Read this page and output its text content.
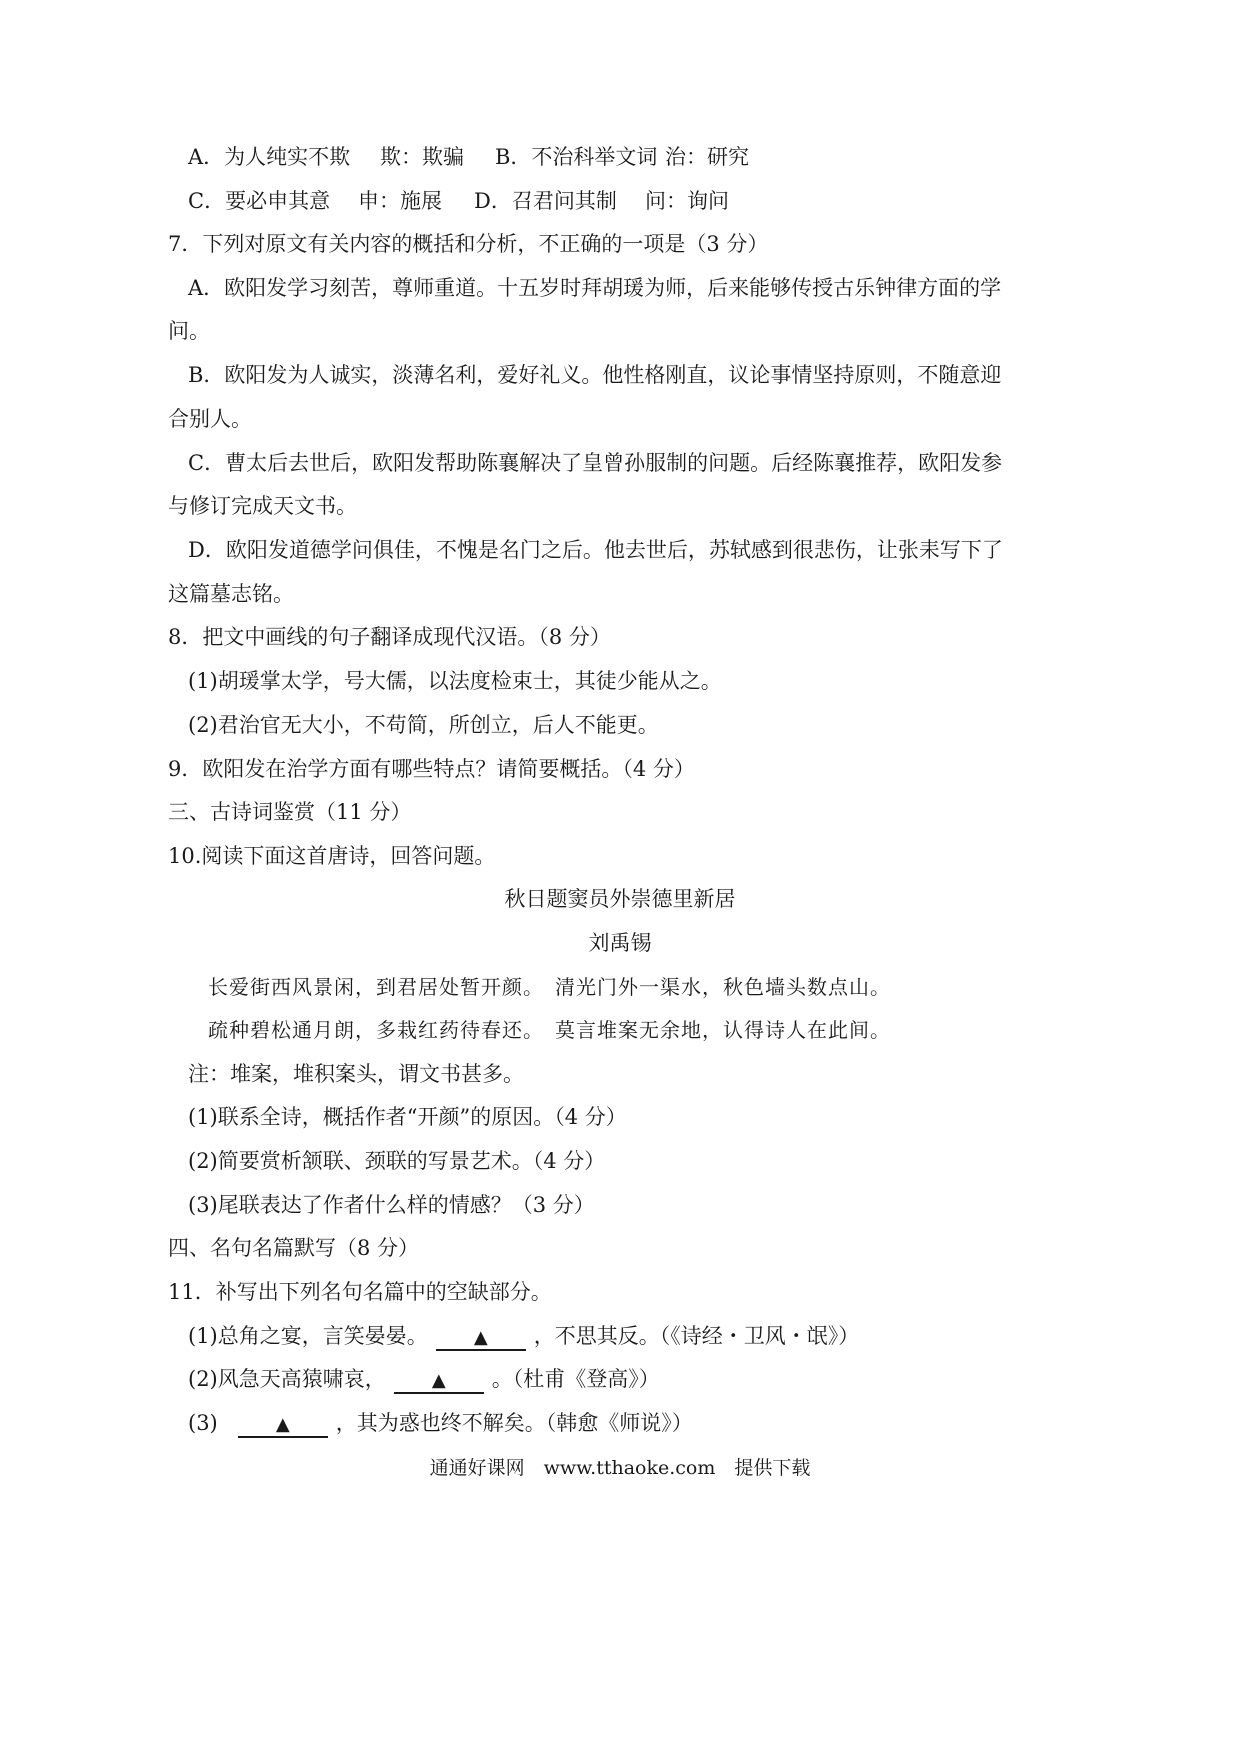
A．为人纯实不欺 欺：欺骗 B．不治科举文词 治：研究
C．要必申其意 申：施展 D．召君问其制 问：询问
7．下列对原文有关内容的概括和分析，不正确的一项是（3 分）
A．欧阳发学习刻苦，尊师重道。十五岁时拜胡瑗为师，后来能够传授古乐钟律方面的学
问。
B．欧阳发为人诚实，淡薄名利，爱好礼义。他性格刚直，议论事情坚持原则，不随意迎
合别人。
C．曹太后去世后，欧阳发帮助陈襄解决了皇曾孙服制的问题。后经陈襄推荐，欧阳发参
与修订完成天文书。
D．欧阳发道德学问俱佳，不愧是名门之后。他去世后，苏轼感到很悲伤，让张耒写下了
这篇墓志铭。
8．把文中画线的句子翻译成现代汉语。（8 分）
(1)胡瑗掌太学，号大儒，以法度检束士，其徒少能从之。
(2)君治官无大小，不苟简，所创立，后人不能更。
9．欧阳发在治学方面有哪些特点？请简要概括。（4 分）
三、古诗词鉴赏（11 分）
10.阅读下面这首唐诗，回答问题。
秋日题窦员外崇德里新居
刘禹锡
长爱街西风景闲，到君居处暂开颜。　清光门外一渠水，秋色墙头数点山。
疏种碧松通月朗，多栽红药待春还。　莫言堆案无余地，认得诗人在此间。
注：堆案，堆积案头，谓文书甚多。
(1)联系全诗，概括作者“开颜”的原因。（4 分）
(2)简要赏析颔联、颈联的写景艺术。（4 分）
(3)尾联表达了作者什么样的情感？（3 分）
四、名句名篇默写（8 分）
11．补写出下列名句名篇中的空缺部分。
(1)总角之宴，言笑晏晏。	▲ ，不思其反。（《诗经・卫风・氓》）
(2)风急天高猿啸哀，	▲ 。（杜甫《登高》）
(3)	▲ ，其为惑也终不解矣。（韩愈《师说》）
通通好课网　www.tthaoke.com　提供下载
